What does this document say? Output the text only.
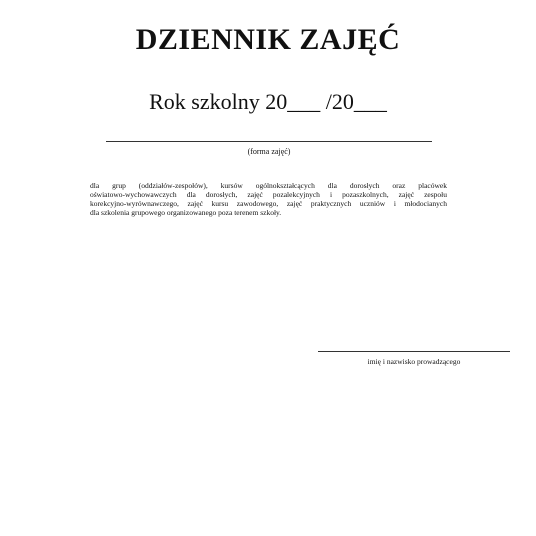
DZIENNIK ZAJĘĆ
Rok szkolny 20___ /20___
(forma zajęć)
dla grup (oddziałów-zespołów), kursów ogólnokształcących dla dorosłych oraz placówek
oświatowo-wychowawczych dla dorosłych, zajęć pozalekcyjnych i pozaszkolnych, zajęć zespołu
korekcyjno-wyrównawczego, zajęć kursu zawodowego, zajęć praktycznych uczniów i młodocianych
dla szkolenia grupowego organizowanego poza terenem szkoły.
imię i nazwisko prowadzącego
